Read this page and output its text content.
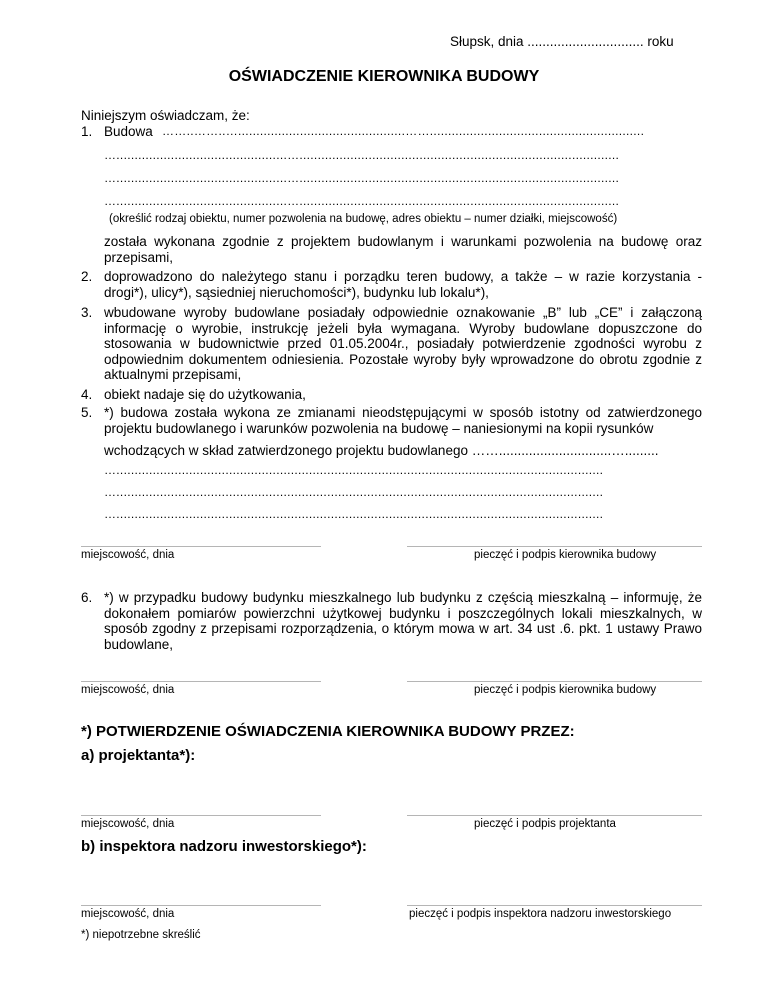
Słupsk, dnia ............................... roku
OŚWIADCZENIE KIEROWNIKA BUDOWY
Niniejszym oświadczam, że:
1. Budowa ……..……..…..............................................……...........................................................
…...............................................…........................................................................................
…...............................................…........................................................................................
…...............................................…........................................................................................
(określić rodzaj obiektu, numer pozwolenia na budowę, adres obiektu – numer działki, miejscowość)
została wykonana zgodnie z projektem budowlanym i warunkami pozwolenia na budowę oraz przepisami,
2. doprowadzono do należytego stanu i porządku teren budowy, a także – w razie korzystania - drogi*), ulicy*), sąsiedniej nieruchomości*), budynku lub lokalu*),
3. wbudowane wyroby budowlane posiadały odpowiednie oznakowanie „B” lub „CE” i załączoną informację o wyrobie, instrukcję jeżeli była wymagana. Wyroby budowlane dopuszczone do stosowania w budownictwie przed 01.05.2004r., posiadały potwierdzenie zgodności wyrobu z odpowiednim dokumentem odniesienia. Pozostałe wyroby były wprowadzone do obrotu zgodnie z aktualnymi przepisami,
4. obiekt nadaje się do użytkowania,
5. *) budowa została wykona ze zmianami nieodstępującymi w sposób istotny od zatwierdzonego projektu budowlanego i warunków pozwolenia na budowę – naniesionymi na kopii rysunków
wchodzących w skład zatwierdzonego projektu budowlanego ……..............................….........
…......................................................................................................................................
…......................................................................................................................................
…......................................................................................................................................
miejscowość, dnia	pieczęć i podpis kierownika budowy
6. *) w przypadku budowy budynku mieszkalnego lub budynku z częścią mieszkalną – informuję, że dokonałem pomiarów powierzchni użytkowej budynku i poszczególnych lokali mieszkalnych, w sposób zgodny z przepisami rozporządzenia, o którym mowa w art. 34 ust .6. pkt. 1 ustawy Prawo budowlane,
miejscowość, dnia	pieczęć i podpis kierownika budowy
*) POTWIERDZENIE OŚWIADCZENIA KIEROWNIKA BUDOWY PRZEZ:
a) projektanta*):
miejscowość, dnia	pieczęć i podpis projektanta
b) inspektora nadzoru inwestorskiego*):
miejscowość, dnia	pieczęć i podpis inspektora nadzoru inwestorskiego
*) niepotrzebne skreślić
